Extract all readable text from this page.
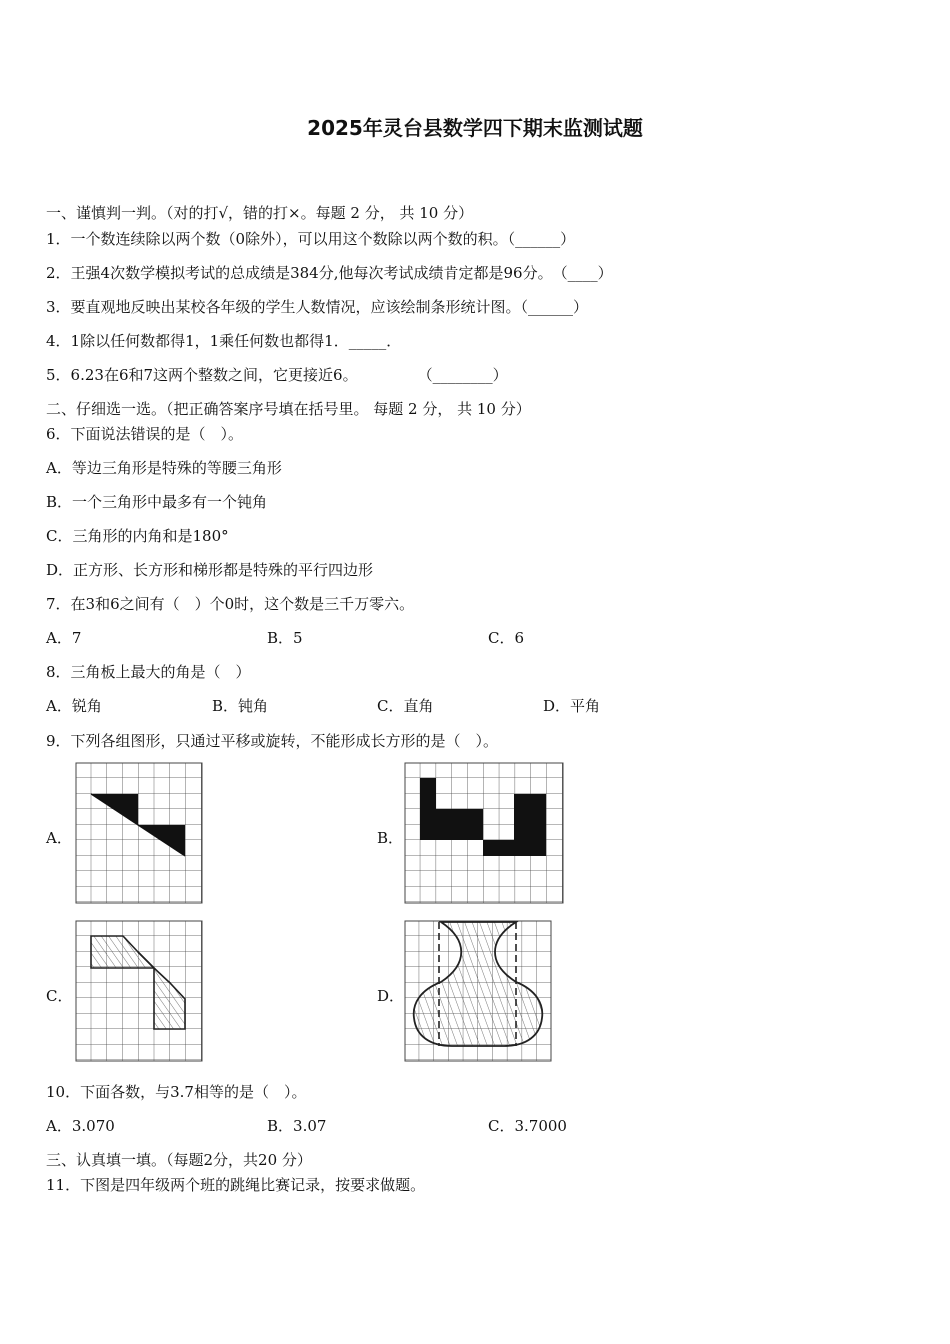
2025年灵台县数学四下期末监测试题
一、谨慎判一判。（对的打√，错的打×。每题 2 分， 共 10 分）
1．一个数连续除以两个数（0除外），可以用这个数除以两个数的积。（______）
2．王强4次数学模拟考试的总成绩是384分,他每次考试成绩肯定都是96分。　（____）
3．要直观地反映出某校各年级的学生人数情况，应该绘制条形统计图。（______）
4．1除以任何数都得1，1乘任何数也都得1．_____．
5．6.23在6和7这两个整数之间，它更接近6。　　　　　（________）
二、仔细选一选。（把正确答案序号填在括号里。 每题 2 分， 共 10 分）
6．下面说法错误的是（　）。
A．等边三角形是特殊的等腰三角形
B．一个三角形中最多有一个钝角
C．三角形的内角和是180°
D．正方形、长方形和梯形都是特殊的平行四边形
7．在3和6之间有（　）个0时，这个数是三千万零六。
A．7	B．5	C．6
8．三角板上最大的角是（　）
A．锐角	B．钝角	C．直角	D．平角
9．下列各组图形，只通过平移或旋转，不能形成长方形的是（　）。
A．	B．
C．	D．
10．下面各数，与3.7相等的是（　）。
A．3.070	B．3.07	C．3.7000
三、认真填一填。（每题2分，共20 分）
11．下图是四年级两个班的跳绳比赛记录，按要求做题。
